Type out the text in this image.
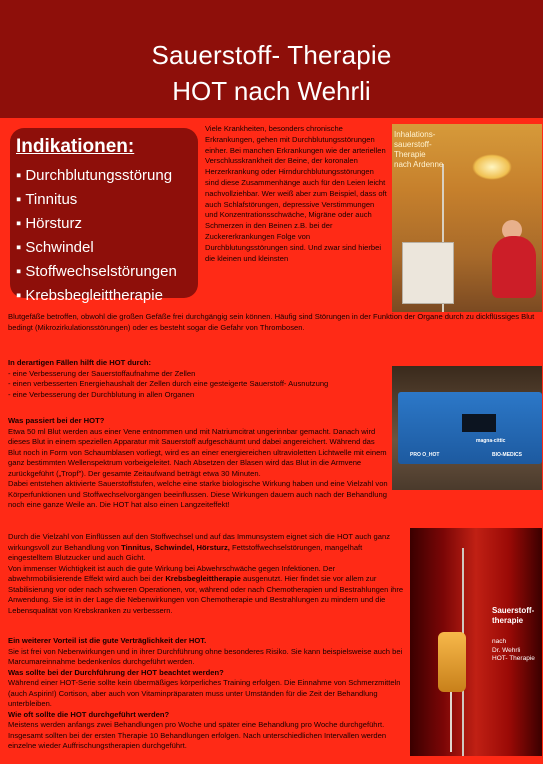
Sauerstoff- Therapie
HOT nach Wehrli
Indikationen:
▪ Durchblutungsstörung
▪ Tinnitus
▪ Hörsturz
▪ Schwindel
▪ Stoffwechselstörungen
▪ Krebsbegleittherapie
Viele Krankheiten, besonders chronische Erkrankungen, gehen mit Durchblutungsstörungen einher. Bei manchen Erkrankungen wie der arteriellen Verschlusskrankheit der Beine, der koronalen Herzerkrankung oder Hirndurchblutungsstörungen sind diese Zusammenhänge auch für den Leien leicht nachvollziehbar. Wer weiß aber zum Beispiel, dass oft auch Schlafstörungen, depressive Verstimmungen und Konzentrationsschwäche, Migräne oder auch Schmerzen in den Beinen z.B. bei der Zuckererkrankungen Folge von Durchblutungsstörungen sind. Und zwar sind hierbei die kleinen und kleinsten
Inhalations-
sauerstoff-
Therapie
nach Ardenne
PRO O_HOT
magna-cittic
BIO-MEDICS
Sauerstoff-
therapie
nach
Dr. Wehrli
HOT- Therapie
Blutgefäße betroffen, obwohl die großen Gefäße frei durchgängig sein können. Häufig sind Störungen in der Funktion der Organe durch zu dickflüssiges Blut bedingt (Mikrozirkulationsstörungen) oder es besteht sogar die Gefahr von Thrombosen.
In derartigen Fällen hilft die HOT durch:
- eine Verbesserung der Sauerstoffaufnahme der Zellen
- einen verbesserten Energiehaushalt der Zellen durch eine gesteigerte Sauerstoff- Ausnutzung
- eine Verbesserung der Durchblutung in allen Organen
Was passiert bei der HOT?
Etwa 50 ml Blut werden aus einer Vene entnommen und mit Natriumcitrat ungerinnbar gemacht. Danach wird dieses Blut in einem speziellen Apparatur mit Sauerstoff aufgeschäumt und dabei angereichert. Während das Blut noch in Form von Schaumblasen vorliegt, wird es an einer energiereichen ultravioletten Lichtwelle mit einem ganz bestimmten Wellenspektrum vorbeigeleitet. Nach Absetzen der Blasen wird das Blut in die Armvene zurückgeführt („Tropf"). Der gesamte Zeitaufwand beträgt etwa 30 Minuten.
Dabei entstehen aktivierte Sauerstoffstufen, welche eine starke biologische Wirkung haben und eine Vielzahl von Körperfunktionen und Stoffwechselvorgängen beeinflussen. Diese Wirkungen dauern auch nach der Behandlung noch eine ganze Weile an. Die HOT hat also einen Langzeiteffekt!
Durch die Vielzahl von Einflüssen auf den Stoffwechsel und auf das Immunsystem eignet sich die HOT auch ganz wirkungsvoll zur Behandlung von Tinnitus, Schwindel, Hörsturz, Fettstoffwechselstörungen, mangelhaft eingestelltem Blutzucker und auch Gicht.
Von immenser Wichtigkeit ist auch die gute Wirkung bei Abwehrschwäche gegen Infektionen. Der abwehrmobilisierende Effekt wird auch bei der Krebsbegleittherapie ausgenutzt. Hier findet sie vor allem zur Stabilisierung vor oder nach schweren Operationen, vor, während oder nach Chemotherapien und Bestrahlungen ihre Anwendung. Sie ist in der Lage die Nebenwirkungen von Chemotherapie und Bestrahlungen zu mindern und die Lebensqualität von Krebskranken zu verbessern.
Ein weiterer Vorteil ist die gute Verträglichkeit der HOT.
Sie ist frei von Nebenwirkungen und in ihrer Durchführung ohne besonderes Risiko. Sie kann beispielsweise auch bei Marcumareinnahme bedenkenlos durchgeführt werden.
Was sollte bei der Durchführung der HOT beachtet werden?
Während einer HOT-Serie sollte kein übermäßiges körperliches Training erfolgen. Die Einnahme von Schmerzmitteln (auch Aspirin!) Cortison, aber auch von Vitaminpräparaten muss unter Umständen für die Zeit der Behandlung unterbleiben.
Wie oft sollte die HOT durchgeführt werden?
Meistens werden anfangs zwei Behandlungen pro Woche und später eine Behandlung pro Woche durchgeführt. Insgesamt sollten bei der ersten Therapie 10 Behandlungen erfolgen. Nach unterschiedlichen Intervallen werden einzelne wieder Auffrischungstherapien durchgeführt.
